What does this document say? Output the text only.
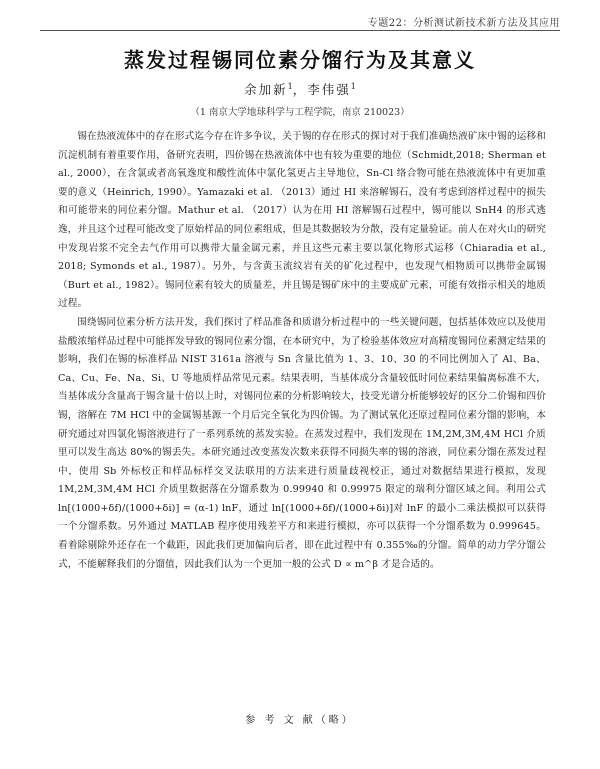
专题22：分析测试新技术新方法及其应用
蒸发过程锡同位素分馏行为及其意义
余加新$^1$，李伟强$^1$
（1 南京大学地球科学与工程学院，南京 210023）

锡在热液流体中的存在形式迄今存在许多争议，关于锡的存在形式的探讨对于我们准确热液矿床中锡的运移和沉淀机制有着重要作用，备研究表明，四价锡在热液流体中也有较为重要的地位（Schmidt,2018; Sherman et al., 2000），在含氯或者高氧逸度和酸性流体中氯化氢更占主导地位，Sn-Cl 络合物可能在热液流体中有更加重要的意义（Heinrich, 1990）。Yamazaki et al. （2013）通过 HI 来溶解锡石，没有考虑到溶样过程中的损失和可能带来的同位素分馏。Mathur et al. （2017）认为在用 HI 溶解锡石过程中，锡可能以 SnH4 的形式逃逸，并且这个过程可能改变了原始样品的同位素组成，但是其数据较为分散，没有定量验证。前人在对火山的研究中发现岩浆不完全去气作用可以携带大量金属元素，并且这些元素主要以氯化物形式运移（Chiaradia et al., 2018; Symonds et al., 1987）。另外，与含黄玉流纹岩有关的矿化过程中，也发现气相物质可以携带金属锡（Burt et al., 1982）。锡同位素有较大的质量差，并且锡是锡矿床中的主要成矿元素，可能有效指示相关的地质过程。

围绕锡同位素分析方法开发，我们探讨了样品准备和质谱分析过程中的一些关键问题，包括基体效应以及使用盐酸浓缩样品过程中可能挥发导致的锡同位素分馏，在本研究中，为了检验基体效应对高精度锡同位素测定结果的影响，我们在锡的标准样品 NIST 3161a 溶液与 Sn 含量比值为 1、3、10、30 的不同比例加入了 Al、Ba、Ca、Cu、Fe、Na、Si、U 等地质样品常见元素。结果表明，当基体成分含量较低时同位素结果偏离标准不大，当基体成分含量高于锡含量十倍以上时，对锡同位素的分析影响较大，技受光谱分析能够较好的区分二价锡和四价锡，溶解在 7M HCl 中的金属锡基源一个月后完全氧化为四价锡。为了测试氧化还原过程同位素分馏的影响，本研究通过对四氯化锡溶液进行了一系列系统的蒸发实验。在蒸发过程中，我们发现在 1M,2M,3M,4M HCl 介质里可以发生高达 80%的锡丢失。本研究通过改变蒸发次数来获得不同损失率的锡的溶液，同位素分馏在蒸发过程中，使用 Sb 外标校正和样品标样交叉法联用的方法来进行质量歧视校正，通过对数据结果进行模拟，发现 1M,2M,3M,4M HCl 介质里数据落在分馏系数为 0.99940 和 0.99975 限定的瑞利分馏区域之间。利用公式 ln[(1000+δf)/(1000+δi)] = (α-1) lnF，通过 ln[(1000+δf)/(1000+δi)]对 lnF 的最小二乘法模拟可以获得一个分馏系数。另外通过 MATLAB 程序使用残差平方和来进行模拟，亦可以获得一个分馏系数为 0.999645。看着除剔除外还存在一个截距，因此我们更加偏向后者，即在此过程中有 0.355‰的分馏。简单的动力学分馏公式，不能解释我们的分馏值，因此我们认为一个更加一般的公式 D ∝ m^β 才是合适的。

参 考 文 献（略）
